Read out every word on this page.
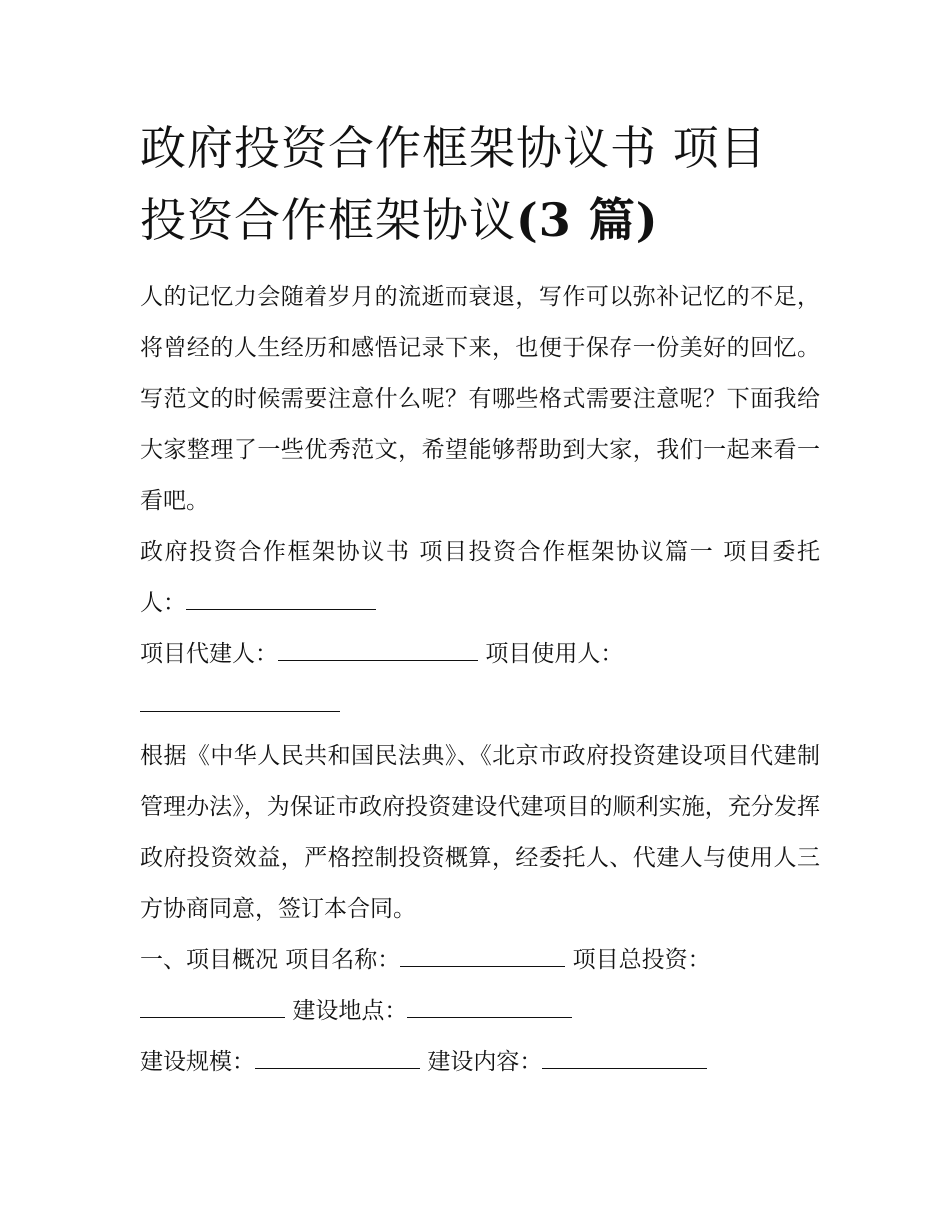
政府投资合作框架协议书 项目
投资合作框架协议(3 篇)

人的记忆力会随着岁月的流逝而衰退，写作可以弥补记忆的不足，将曾经的人生经历和感悟记录下来，也便于保存一份美好的回忆。写范文的时候需要注意什么呢？有哪些格式需要注意呢？下面我给大家整理了一些优秀范文，希望能够帮助到大家，我们一起来看一看吧。

政府投资合作框架协议书 项目投资合作框架协议篇一 项目委托人：

项目代建人：	项目使用人：

根据《中华人民共和国民法典》、《北京市政府投资建设项目代建制管理办法》，为保证市政府投资建设代建项目的顺利实施，充分发挥政府投资效益，严格控制投资概算，经委托人、代建人与使用人三方协商同意，签订本合同。

一、项目概况 项目名称：	项目总投资：
建设地点：

建设规模：	建设内容：
